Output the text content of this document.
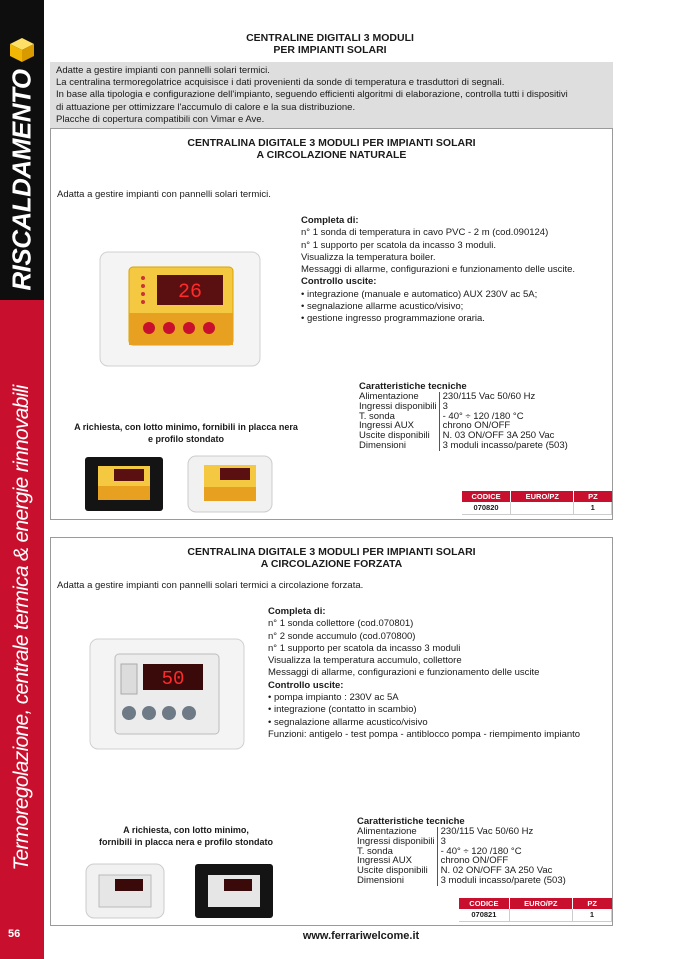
RISCALDAMENTO
Termoregolazione, centrale termica & energie rinnovabili
56
CENTRALINE DIGITALI 3 MODULI
PER IMPIANTI SOLARI
Adatte a gestire impianti con pannelli solari termici.
La centralina termoregolatrice acquisisce i dati provenienti da sonde di temperatura e trasduttori di segnali.
In base alla tipologia e configurazione dell'impianto, seguendo efficienti algoritmi di elaborazione, controlla tutti i dispositivi
di attuazione per ottimizzare l'accumulo di calore e la sua distribuzione.
Placche di copertura compatibili con Vimar e Ave.
CENTRALINA DIGITALE 3 MODULI PER IMPIANTI SOLARI
A CIRCOLAZIONE NATURALE
Adatta a gestire impianti con pannelli solari termici.
26
Completa di:
n° 1 sonda di temperatura in cavo PVC - 2 m (cod.090124)
n° 1 supporto per scatola da incasso 3 moduli.
Visualizza la temperatura boiler.
Messaggi di allarme, configurazioni e funzionamento delle uscite.
Controllo uscite:
• integrazione (manuale e automatico) AUX 230V ac 5A;
• segnalazione allarme acustico/visivo;
• gestione ingresso programmazione oraria.
Caratteristiche tecniche
Alimentazione	230/115 Vac 50/60 Hz
Ingressi disponibili	3
T. sonda	- 40° ÷ 120 /180 °C
Ingressi AUX	chrono ON/OFF
Uscite disponibili	N. 03 ON/OFF 3A 250 Vac
Dimensioni	3 moduli incasso/parete (503)
A richiesta, con lotto minimo, fornibili in placca nera
e profilo stondato
CODICE	EURO/PZ	PZ
070820		1
CENTRALINA DIGITALE 3 MODULI PER IMPIANTI SOLARI
A CIRCOLAZIONE FORZATA
Adatta a gestire impianti con pannelli solari termici a circolazione forzata.
50
Completa di:
n° 1 sonda collettore (cod.070801)
n° 2 sonde accumulo (cod.070800)
n° 1 supporto per scatola da incasso 3 moduli
Visualizza la temperatura accumulo, collettore
Messaggi di allarme, configurazioni e funzionamento delle uscite
Controllo uscite:
• pompa impianto : 230V ac 5A
• integrazione (contatto in scambio)
• segnalazione allarme acustico/visivo
Funzioni: antigelo - test pompa - antiblocco pompa - riempimento impianto
Caratteristiche tecniche
Alimentazione	230/115 Vac 50/60 Hz
Ingressi disponibili	3
T. sonda	- 40° ÷ 120 /180 °C
Ingressi AUX	chrono ON/OFF
Uscite disponibili	N. 02 ON/OFF 3A 250 Vac
Dimensioni	3 moduli incasso/parete (503)
A richiesta, con lotto minimo,
fornibili in placca nera e profilo stondato
CODICE	EURO/PZ	PZ
070821		1
www.ferrariwelcome.it
